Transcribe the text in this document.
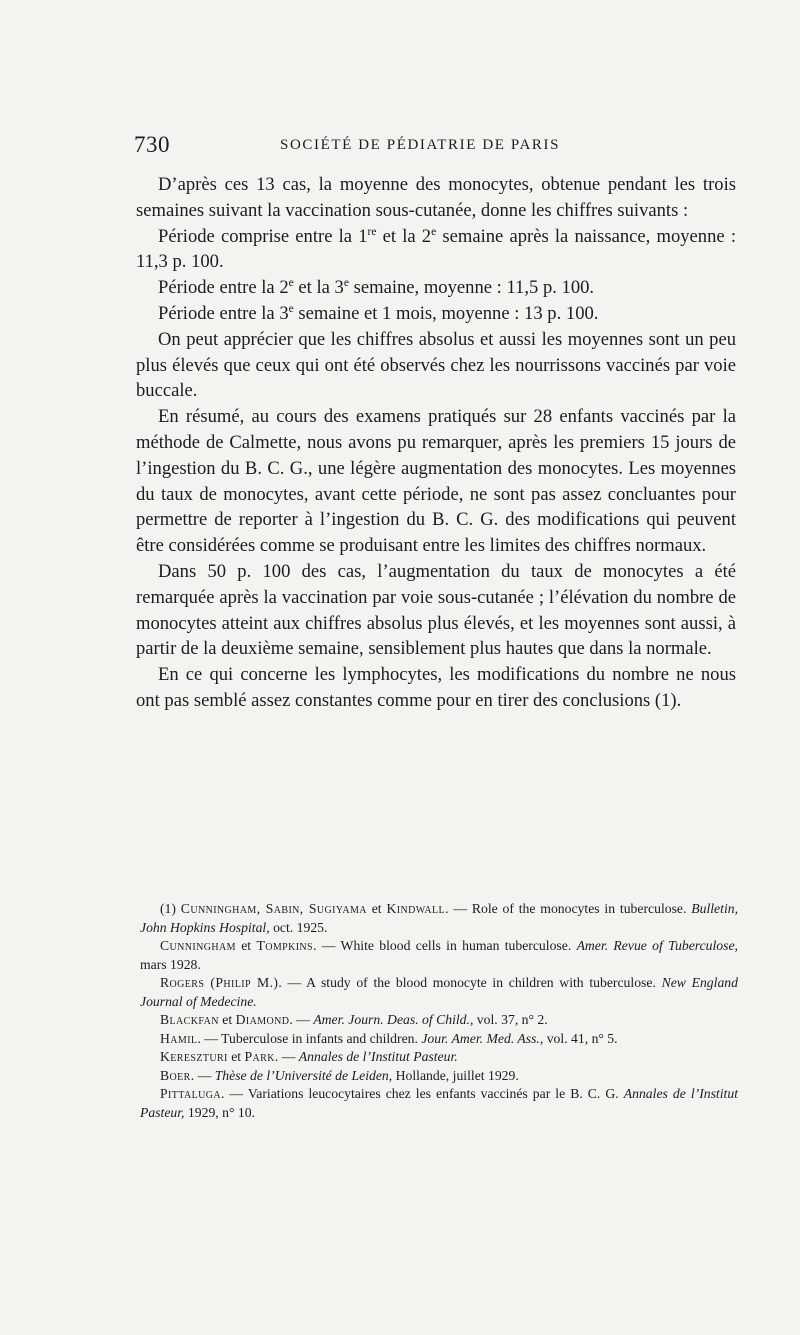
730	SOCIÉTÉ DE PÉDIATRIE DE PARIS

D’après ces 13 cas, la moyenne des monocytes, obtenue pendant les trois semaines suivant la vaccination sous-cutanée, donne les chiffres suivants :

Période comprise entre la 1re et la 2e semaine après la naissance, moyenne : 11,3 p. 100.

Période entre la 2e et la 3e semaine, moyenne : 11,5 p. 100.

Période entre la 3e semaine et 1 mois, moyenne : 13 p. 100.

On peut apprécier que les chiffres absolus et aussi les moyennes sont un peu plus élevés que ceux qui ont été observés chez les nourrissons vaccinés par voie buccale.

En résumé, au cours des examens pratiqués sur 28 enfants vaccinés par la méthode de Calmette, nous avons pu remarquer, après les premiers 15 jours de l’ingestion du B. C. G., une légère augmentation des monocytes. Les moyennes du taux de monocytes, avant cette période, ne sont pas assez concluantes pour permettre de reporter à l’ingestion du B. C. G. des modifications qui peuvent être considérées comme se produisant entre les limites des chiffres normaux.

Dans 50 p. 100 des cas, l’augmentation du taux de monocytes a été remarquée après la vaccination par voie sous-cutanée ; l’élévation du nombre de monocytes atteint aux chiffres absolus plus élevés, et les moyennes sont aussi, à partir de la deuxième semaine, sensiblement plus hautes que dans la normale.

En ce qui concerne les lymphocytes, les modifications du nombre ne nous ont pas semblé assez constantes comme pour en tirer des conclusions (1).

(1) Cunningham, Sabin, Sugiyama et Kindwall. — Role of the monocytes in tuberculose. Bulletin, John Hopkins Hospital, oct. 1925.

Cunningham et Tompkins. — White blood cells in human tuberculose. Amer. Revue of Tuberculose, mars 1928.

Rogers (Philip M.). — A study of the blood monocyte in children with tuberculose. New England Journal of Medecine.

Blackfan et Diamond. — Amer. Journ. Deas. of Child., vol. 37, n° 2.

Hamil. — Tuberculose in infants and children. Jour. Amer. Med. Ass., vol. 41, n° 5.

Kereszturi et Park. — Annales de l’Institut Pasteur.

Boer. — Thèse de l’Université de Leiden, Hollande, juillet 1929.

Pittaluga. — Variations leucocytaires chez les enfants vaccinés par le B. C. G. Annales de l’Institut Pasteur, 1929, n° 10.
